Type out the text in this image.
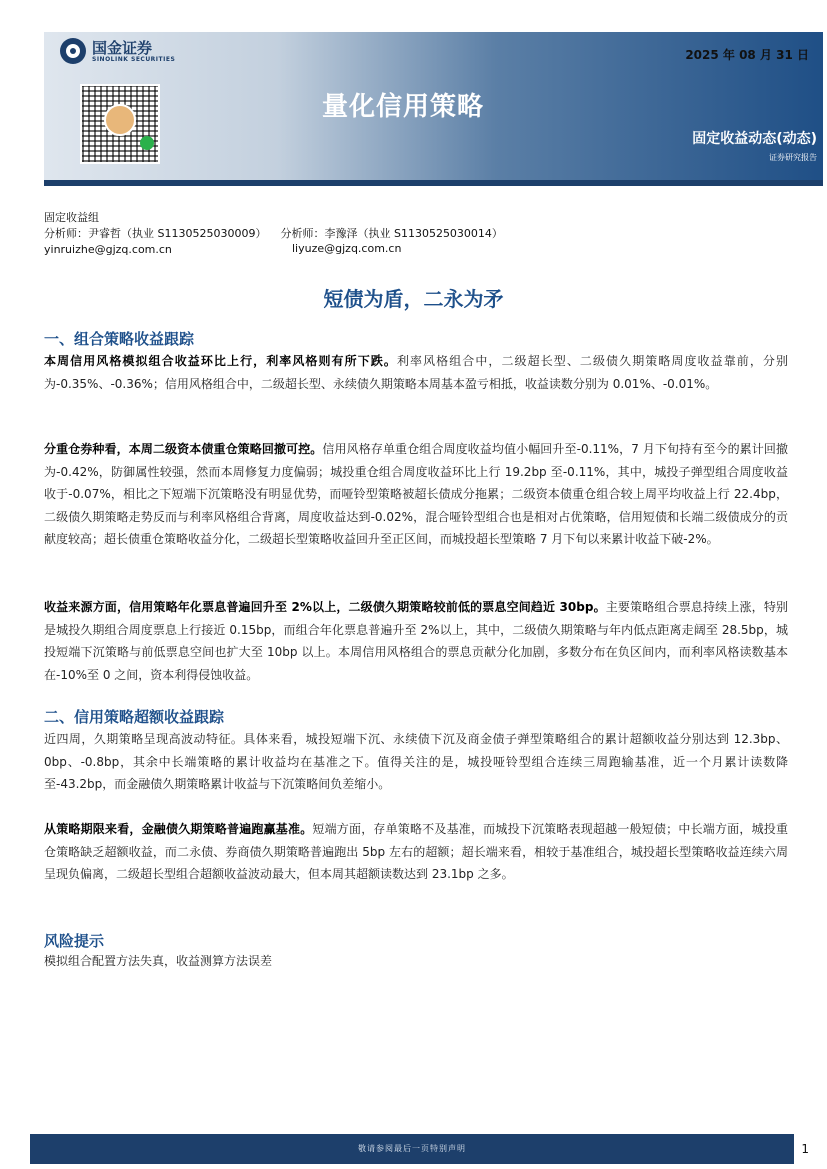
国金证券
SINOLINK SECURITIES	2025 年 08 月 31 日
量化信用策略
固定收益动态(动态)
证券研究报告
固定收益组
分析师：尹睿哲（执业 S1130525030009） 分析师：李豫泽（执业 S1130525030014）
yinruizhe@gjzq.com.cn	liyuze@gjzq.com.cn
短债为盾，二永为矛
一、组合策略收益跟踪
本周信用风格模拟组合收益环比上行，利率风格则有所下跌。利率风格组合中，二级超长型、二级债久期策略周度收益靠前，分别为-0.35%、-0.36%；信用风格组合中，二级超长型、永续债久期策略本周基本盈亏相抵，收益读数分别为 0.01%、-0.01%。
分重仓券种看，本周二级资本债重仓策略回撤可控。信用风格存单重仓组合周度收益均值小幅回升至-0.11%，7 月下旬持有至今的累计回撤为-0.42%，防御属性较强，然而本周修复力度偏弱；城投重仓组合周度收益环比上行 19.2bp 至-0.11%，其中，城投子弹型组合周度收益收于-0.07%，相比之下短端下沉策略没有明显优势，而哑铃型策略被超长债成分拖累；二级资本债重仓组合较上周平均收益上行 22.4bp，二级债久期策略走势反而与利率风格组合背离，周度收益达到-0.02%，混合哑铃型组合也是相对占优策略，信用短债和长端二级债成分的贡献度较高；超长债重仓策略收益分化，二级超长型策略收益回升至正区间，而城投超长型策略 7 月下旬以来累计收益下破-2%。
收益来源方面，信用策略年化票息普遍回升至 2%以上，二级债久期策略较前低的票息空间趋近 30bp。主要策略组合票息持续上涨，特别是城投久期组合周度票息上行接近 0.15bp，而组合年化票息普遍升至 2%以上，其中，二级债久期策略与年内低点距离走阔至 28.5bp，城投短端下沉策略与前低票息空间也扩大至 10bp 以上。本周信用风格组合的票息贡献分化加剧，多数分布在负区间内，而利率风格读数基本在-10%至 0 之间，资本利得侵蚀收益。
二、信用策略超额收益跟踪
近四周，久期策略呈现高波动特征。具体来看，城投短端下沉、永续债下沉及商金债子弹型策略组合的累计超额收益分别达到 12.3bp、0bp、-0.8bp，其余中长端策略的累计收益均在基准之下。值得关注的是，城投哑铃型组合连续三周跑输基准，近一个月累计读数降至-43.2bp，而金融债久期策略累计收益与下沉策略间负差缩小。
从策略期限来看，金融债久期策略普遍跑赢基准。短端方面，存单策略不及基准，而城投下沉策略表现超越一般短债；中长端方面，城投重仓策略缺乏超额收益，而二永债、券商债久期策略普遍跑出 5bp 左右的超额；超长端来看，相较于基准组合，城投超长型策略收益连续六周呈现负偏离，二级超长型组合超额收益波动最大，但本周其超额读数达到 23.1bp 之多。
风险提示
模拟组合配置方法失真，收益测算方法误差
敬请参阅最后一页特别声明	1
